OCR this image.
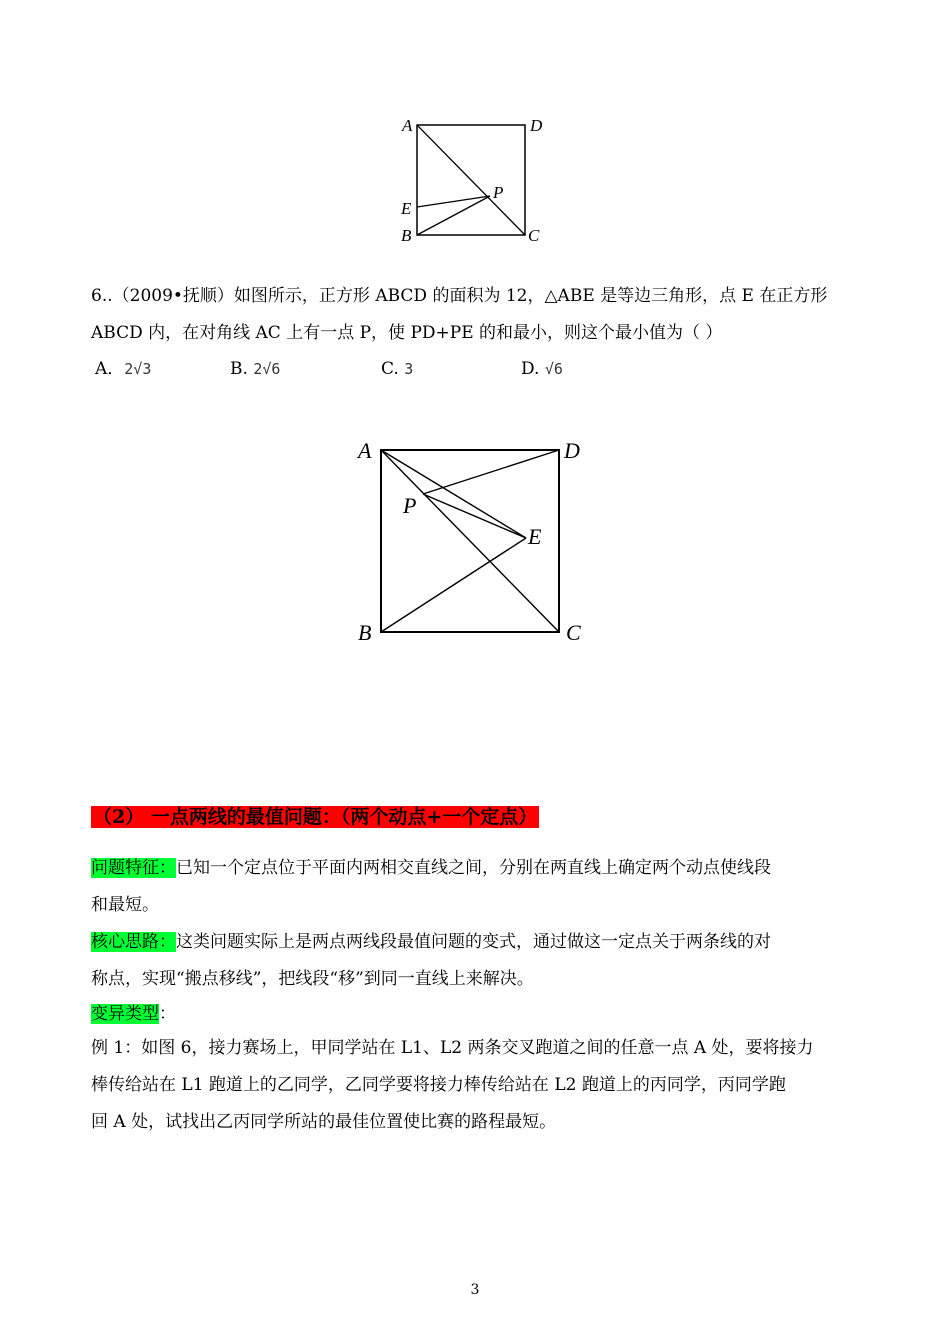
A	D
P
E
B	C
6..（2009•抚顺）如图所示，正方形 ABCD 的面积为 12，△ABE 是等边三角形，点 E 在正方形
ABCD 内，在对角线 AC 上有一点 P，使 PD+PE 的和最小，则这个最小值为（ ）
A．2√3	B. 2√6	C. 3	D. √6
A	D
P
E
B	C
（2） 一点两线的最值问题：（两个动点+一个定点）
问题特征：已知一个定点位于平面内两相交直线之间，分别在两直线上确定两个动点使线段
和最短。
核心思路：这类问题实际上是两点两线段最值问题的变式，通过做这一定点关于两条线的对
称点，实现“搬点移线”，把线段“移”到同一直线上来解决。
变异类型：
例 1：如图 6，接力赛场上，甲同学站在 L1、L2 两条交叉跑道之间的任意一点 A 处，要将接力
棒传给站在 L1 跑道上的乙同学，乙同学要将接力棒传给站在 L2 跑道上的丙同学，丙同学跑
回 A 处，试找出乙丙同学所站的最佳位置使比赛的路程最短。
3
